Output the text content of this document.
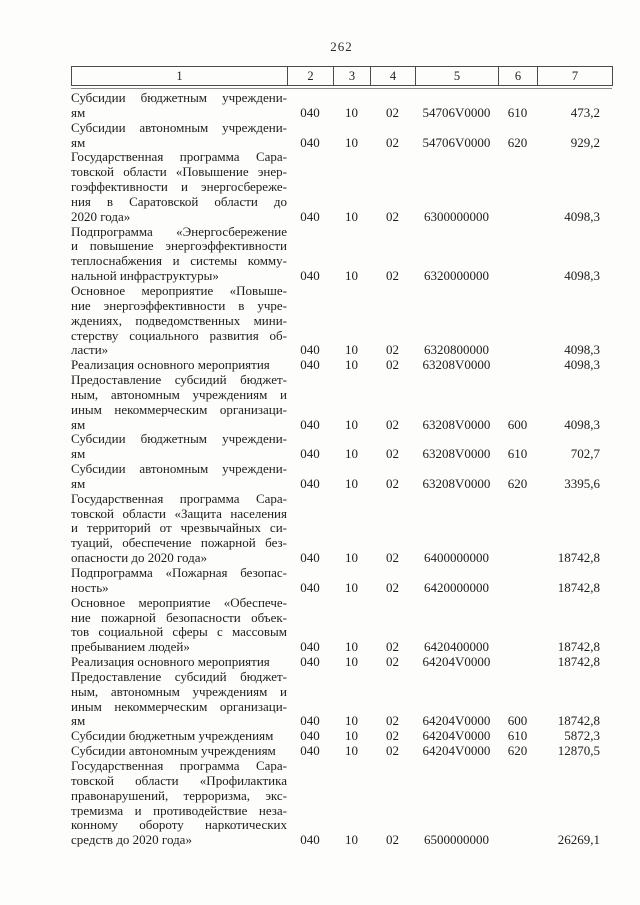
262
1	2	3	4	5	6	7
Субсидии бюджетным учреждени-
ям	040	10	02	54706V0000	610	473,2

Субсидии автономным учреждени-
ям	040	10	02	54706V0000	620	929,2

Государственная программа Сара-
товской области «Повышение энер-
гоэффективности и энергосбереже-
ния в Саратовской области до
2020 года»	040	10	02	6300000000		4098,3

Подпрограмма «Энергосбережение
и повышение энергоэффективности
теплоснабжения и системы комму-
нальной инфраструктуры»	040	10	02	6320000000		4098,3

Основное мероприятие «Повыше-
ние энергоэффективности в учре-
ждениях, подведомственных мини-
стерству социального развития об-
ласти»	040	10	02	6320800000		4098,3

Реализация основного мероприятия	040	10	02	63208V0000		4098,3

Предоставление субсидий бюджет-
ным, автономным учреждениям и
иным некоммерческим организаци-
ям	040	10	02	63208V0000	600	4098,3

Субсидии бюджетным учреждени-
ям	040	10	02	63208V0000	610	702,7

Субсидии автономным учреждени-
ям	040	10	02	63208V0000	620	3395,6

Государственная программа Сара-
товской области «Защита населения
и территорий от чрезвычайных си-
туаций, обеспечение пожарной без-
опасности до 2020 года»	040	10	02	6400000000		18742,8

Подпрограмма «Пожарная безопас-
ность»	040	10	02	6420000000		18742,8

Основное мероприятие «Обеспече-
ние пожарной безопасности объек-
тов социальной сферы с массовым
пребыванием людей»	040	10	02	6420400000		18742,8

Реализация основного мероприятия	040	10	02	64204V0000		18742,8

Предоставление субсидий бюджет-
ным, автономным учреждениям и
иным некоммерческим организаци-
ям	040	10	02	64204V0000	600	18742,8

Субсидии бюджетным учреждениям	040	10	02	64204V0000	610	5872,3

Субсидии автономным учреждениям	040	10	02	64204V0000	620	12870,5

Государственная программа Сара-
товской области «Профилактика
правонарушений, терроризма, экс-
тремизма и противодействие неза-
конному обороту наркотических
средств до 2020 года»	040	10	02	6500000000		26269,1
